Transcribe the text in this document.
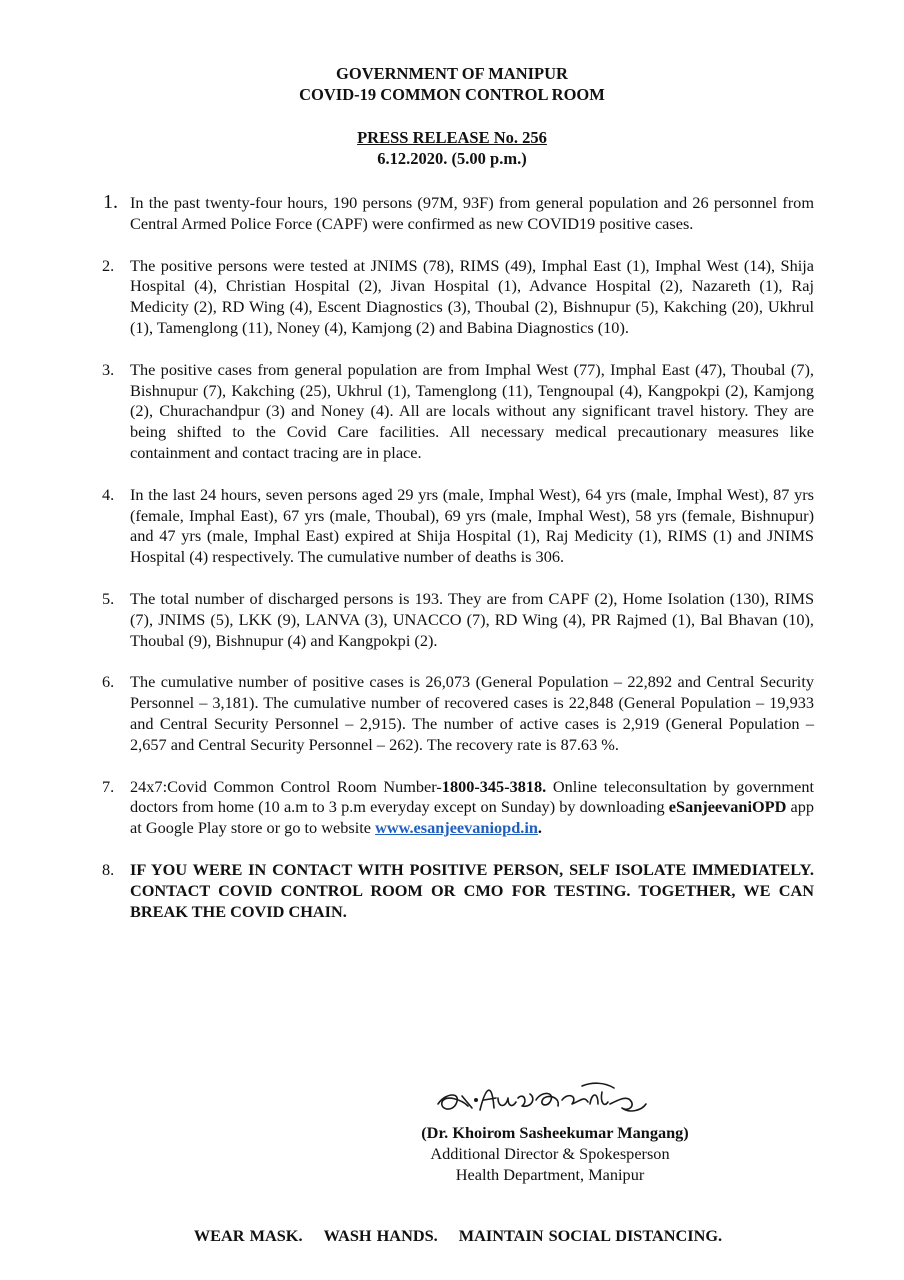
GOVERNMENT OF MANIPUR
COVID-19 COMMON CONTROL ROOM
PRESS RELEASE No. 256
6.12.2020. (5.00 p.m.)
1. In the past twenty-four hours, 190 persons (97M, 93F) from general population and 26 personnel from Central Armed Police Force (CAPF) were confirmed as new COVID19 positive cases.
2. The positive persons were tested at JNIMS (78), RIMS (49), Imphal East (1), Imphal West (14), Shija Hospital (4), Christian Hospital (2), Jivan Hospital (1), Advance Hospital (2), Nazareth (1), Raj Medicity (2), RD Wing (4), Escent Diagnostics (3), Thoubal (2), Bishnupur (5), Kakching (20), Ukhrul (1), Tamenglong (11), Noney (4), Kamjong (2) and Babina Diagnostics (10).
3. The positive cases from general population are from Imphal West (77), Imphal East (47), Thoubal (7), Bishnupur (7), Kakching (25), Ukhrul (1), Tamenglong (11), Tengnoupal (4), Kangpokpi (2), Kamjong (2), Churachandpur (3) and Noney (4). All are locals without any significant travel history. They are being shifted to the Covid Care facilities. All necessary medical precautionary measures like containment and contact tracing are in place.
4. In the last 24 hours, seven persons aged 29 yrs (male, Imphal West), 64 yrs (male, Imphal West), 87 yrs (female, Imphal East), 67 yrs (male, Thoubal), 69 yrs (male, Imphal West), 58 yrs (female, Bishnupur) and 47 yrs (male, Imphal East) expired at Shija Hospital (1), Raj Medicity (1), RIMS (1) and JNIMS Hospital (4) respectively. The cumulative number of deaths is 306.
5. The total number of discharged persons is 193. They are from CAPF (2), Home Isolation (130), RIMS (7), JNIMS (5), LKK (9), LANVA (3), UNACCO (7), RD Wing (4), PR Rajmed (1), Bal Bhavan (10), Thoubal (9), Bishnupur (4) and Kangpokpi (2).
6. The cumulative number of positive cases is 26,073 (General Population – 22,892 and Central Security Personnel – 3,181). The cumulative number of recovered cases is 22,848 (General Population – 19,933 and Central Security Personnel – 2,915). The number of active cases is 2,919 (General Population – 2,657 and Central Security Personnel – 262). The recovery rate is 87.63 %.
7. 24x7:Covid Common Control Room Number-1800-345-3818. Online teleconsultation by government doctors from home (10 a.m to 3 p.m everyday except on Sunday) by downloading eSanjeevaniOPD app at Google Play store or go to website www.esanjeevaniopd.in.
8. IF YOU WERE IN CONTACT WITH POSITIVE PERSON, SELF ISOLATE IMMEDIATELY. CONTACT COVID CONTROL ROOM OR CMO FOR TESTING. TOGETHER, WE CAN BREAK THE COVID CHAIN.
(Dr. Khoirom Sasheekumar Mangang)
Additional Director & Spokesperson
Health Department, Manipur
WEAR MASK. WASH HANDS. MAINTAIN SOCIAL DISTANCING.
